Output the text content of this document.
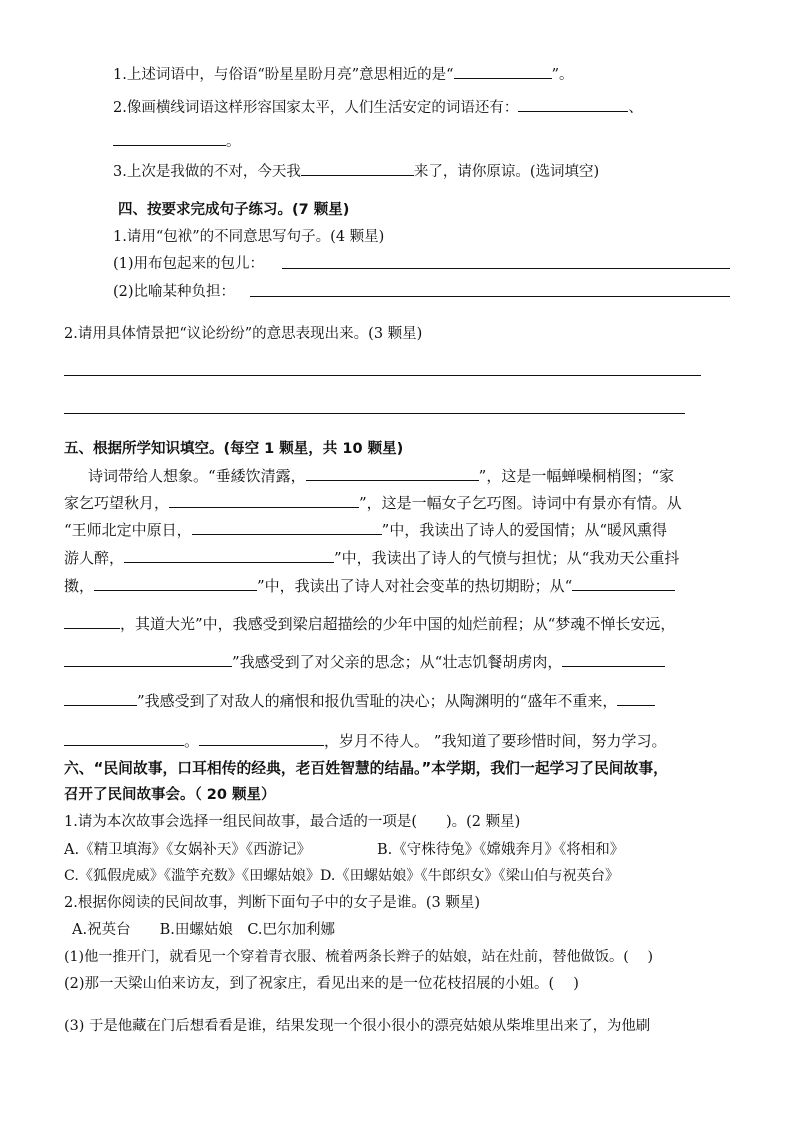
1.上述词语中，与俗语“盼星星盼月亮”意思相近的是“	”。
2.像画横线词语这样形容国家太平，人们生活安定的词语还有：	、
。
3.上次是我做的不对，今天我	来了，请你原谅。(选词填空)
四、按要求完成句子练习。(7 颗星)
1.请用“包袱”的不同意思写句子。(4 颗星)
(1)用布包起来的包儿：
(2)比喻某种负担：
2.请用具体情景把“议论纷纷”的意思表现出来。(3 颗星)
五、根据所学知识填空。(每空 1 颗星，共 10 颗星)
诗词带给人想象。“垂緌饮清露，	”，这是一幅蝉噪桐梢图；“家
家乞巧望秋月，	”，这是一幅女子乞巧图。诗词中有景亦有情。从
“王师北定中原日，	”中，我读出了诗人的爱国情；从“暖风熏得
游人醉，	”中，我读出了诗人的气愤与担忧；从“我劝天公重抖
擞，	”中，我读出了诗人对社会变革的热切期盼；从“
，其道大光”中，我感受到梁启超描绘的少年中国的灿烂前程；从“梦魂不惮长安远，
”我感受到了对父亲的思念；从“壮志饥餐胡虏肉，
”我感受到了对敌人的痛恨和报仇雪耻的决心；从陶渊明的“盛年不重来，
。	，岁月不待人。 ”我知道了要珍惜时间，努力学习。
六、“民间故事，口耳相传的经典，老百姓智慧的结晶。”本学期，我们一起学习了民间故事，
召开了民间故事会。（ 20 颗星）
1.请为本次故事会选择一组民间故事，最合适的一项是(　　)。(2 颗星)
A.《精卫填海》《女娲补天》《西游记》	B.《守株待兔》《嫦娥奔月》《将相和》
C.《狐假虎威》《滥竽充数》《田螺姑娘》D.《田螺姑娘》《牛郎织女》《梁山伯与祝英台》
2.根据你阅读的民间故事，判断下面句子中的女子是谁。(3 颗星)
A.祝英台　　B.田螺姑娘　C.巴尔加利娜
(1)他一推开门，就看见一个穿着青衣服、梳着两条长辫子的姑娘，站在灶前，替他做饭。(　 )
(2)那一天梁山伯来访友，到了祝家庄，看见出来的是一位花枝招展的小姐。(　 )
(3) 于是他藏在门后想看看是谁，结果发现一个很小很小的漂亮姑娘从柴堆里出来了，为他刷
